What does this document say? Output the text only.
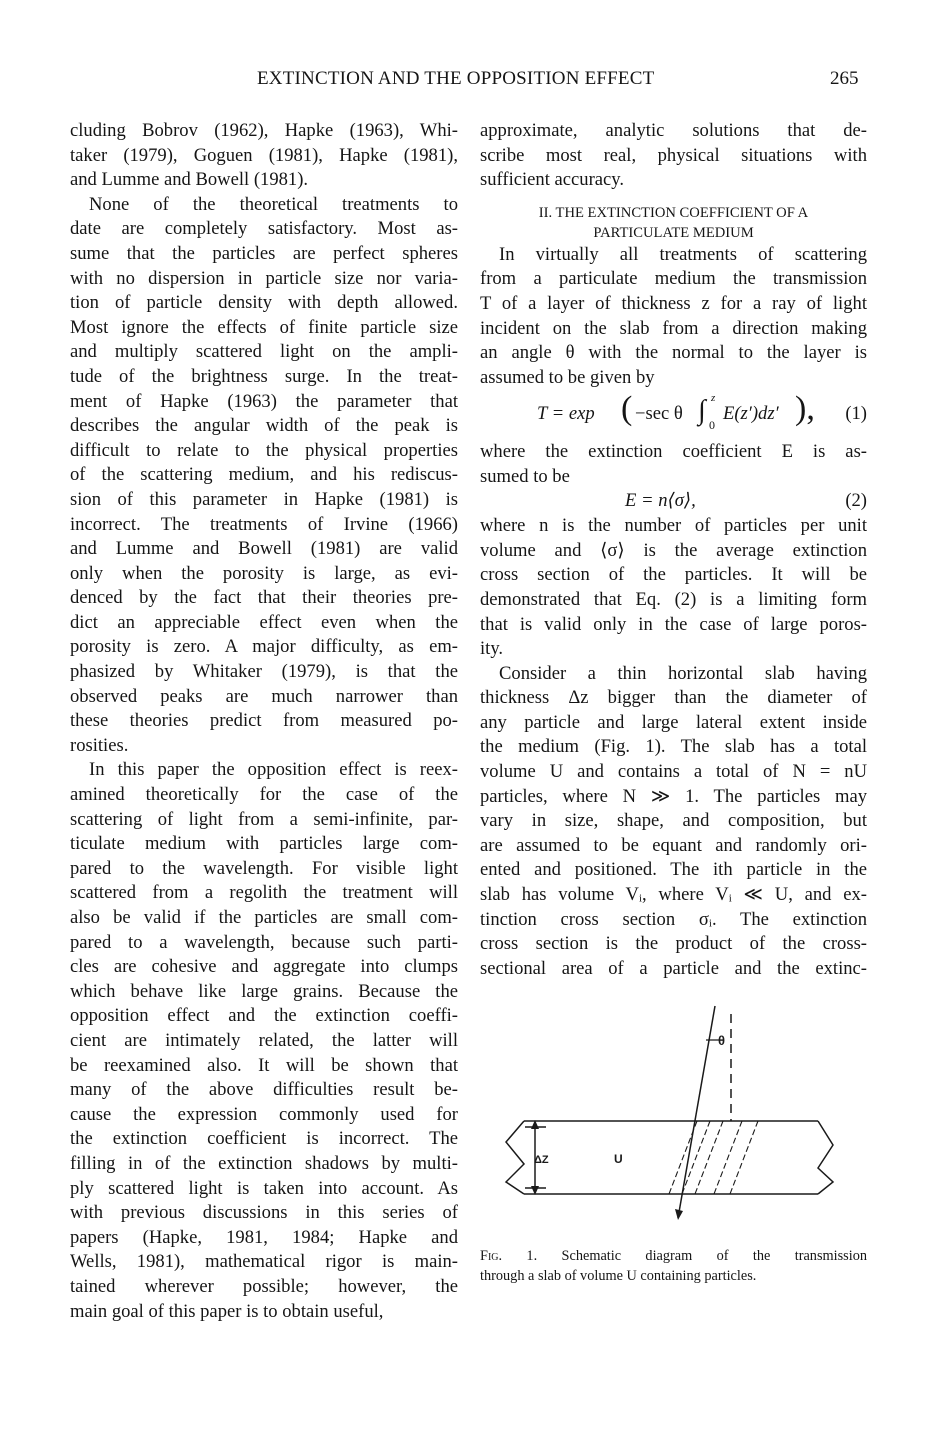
EXTINCTION AND THE OPPOSITION EFFECT	265
cluding Bobrov (1962), Hapke (1963), Whi-
taker (1979), Goguen (1981), Hapke (1981),
and Lumme and Bowell (1981).
None of the theoretical treatments to
date are completely satisfactory. Most as-
sume that the particles are perfect spheres
with no dispersion in particle size nor varia-
tion of particle density with depth allowed.
Most ignore the effects of finite particle size
and multiply scattered light on the ampli-
tude of the brightness surge. In the treat-
ment of Hapke (1963) the parameter that
describes the angular width of the peak is
difficult to relate to the physical properties
of the scattering medium, and his rediscus-
sion of this parameter in Hapke (1981) is
incorrect. The treatments of Irvine (1966)
and Lumme and Bowell (1981) are valid
only when the porosity is large, as evi-
denced by the fact that their theories pre-
dict an appreciable effect even when the
porosity is zero. A major difficulty, as em-
phasized by Whitaker (1979), is that the
observed peaks are much narrower than
these theories predict from measured po-
rosities.
In this paper the opposition effect is reex-
amined theoretically for the case of the
scattering of light from a semi-infinite, par-
ticulate medium with particles large com-
pared to the wavelength. For visible light
scattered from a regolith the treatment will
also be valid if the particles are small com-
pared to a wavelength, because such parti-
cles are cohesive and aggregate into clumps
which behave like large grains. Because the
opposition effect and the extinction coeffi-
cient are intimately related, the latter will
be reexamined also. It will be shown that
many of the above difficulties result be-
cause the expression commonly used for
the extinction coefficient is incorrect. The
filling in of the extinction shadows by multi-
ply scattered light is taken into account. As
with previous discussions in this series of
papers (Hapke, 1981, 1984; Hapke and
Wells, 1981), mathematical rigor is main-
tained wherever possible; however, the
main goal of this paper is to obtain useful,
approximate, analytic solutions that de-
scribe most real, physical situations with
sufficient accuracy.
II. THE EXTINCTION COEFFICIENT OF A
PARTICULATE MEDIUM
In virtually all treatments of scattering
from a particulate medium the transmission
T of a layer of thickness z for a ray of light
incident on the slab from a direction making
an angle θ with the normal to the layer is
assumed to be given by
T = exp ( −sec θ ∫ z
0
E(z′)dz′ ), (1)
where the extinction coefficient E is as-
sumed to be
E = n⟨σ⟩,	(2)
where n is the number of particles per unit
volume and ⟨σ⟩ is the average extinction
cross section of the particles. It will be
demonstrated that Eq. (2) is a limiting form
that is valid only in the case of large poros-
ity.
Consider a thin horizontal slab having
thickness Δz bigger than the diameter of
any particle and large lateral extent inside
the medium (Fig. 1). The slab has a total
volume U and contains a total of N = nU
particles, where N ≫ 1. The particles may
vary in size, shape, and composition, but
are assumed to be equant and randomly ori-
ented and positioned. The ith particle in the
slab has volume Vᵢ, where Vᵢ ≪ U, and ex-
tinction cross section σᵢ. The extinction
cross section is the product of the cross-
sectional area of a particle and the extinc-
θ
ΔZ	U
Fig. 1. Schematic diagram of the transmission
through a slab of volume U containing particles.
